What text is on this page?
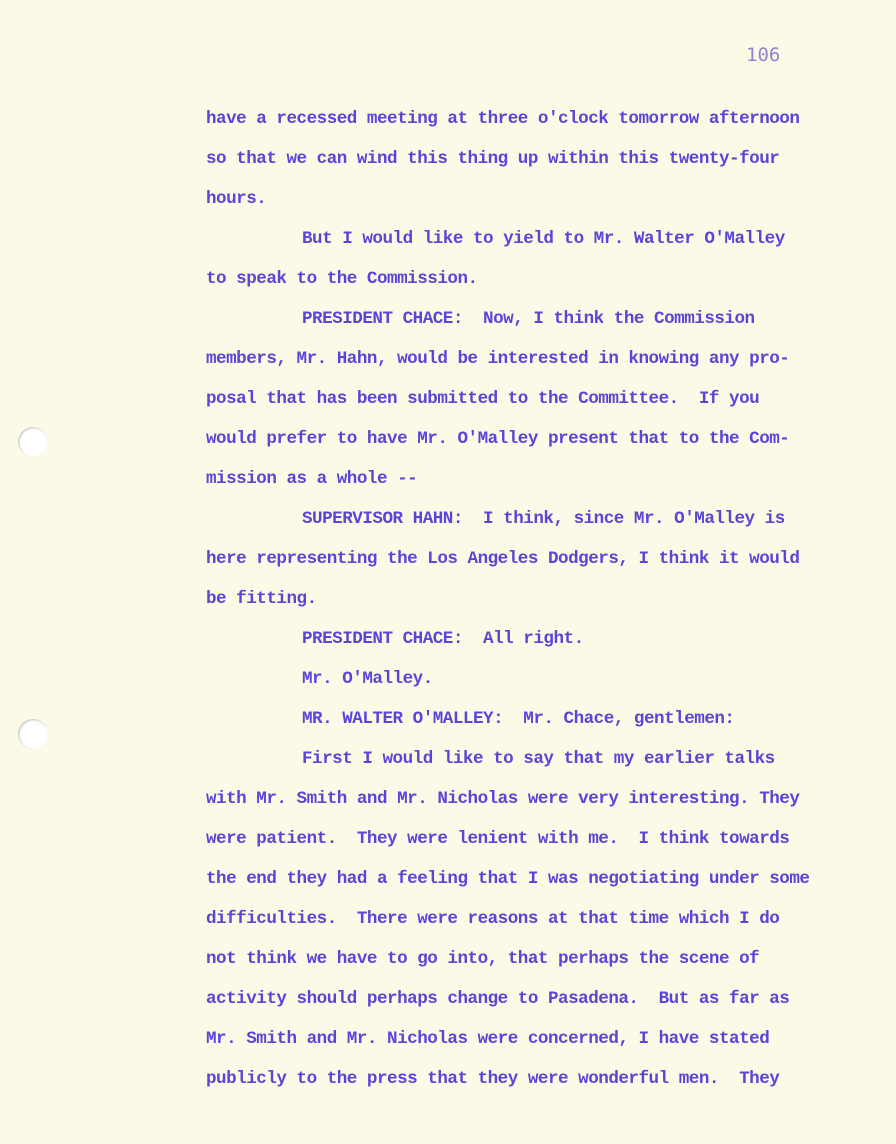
106
have a recessed meeting at three o'clock tomorrow afternoon
so that we can wind this thing up within this twenty-four
hours.
But I would like to yield to Mr. Walter O'Malley
to speak to the Commission.
PRESIDENT CHACE:  Now, I think the Commission
members, Mr. Hahn, would be interested in knowing any pro-
posal that has been submitted to the Committee.  If you
would prefer to have Mr. O'Malley present that to the Com-
mission as a whole --
SUPERVISOR HAHN:  I think, since Mr. O'Malley is
here representing the Los Angeles Dodgers, I think it would
be fitting.
PRESIDENT CHACE:  All right.
Mr. O'Malley.
MR. WALTER O'MALLEY:  Mr. Chace, gentlemen:
First I would like to say that my earlier talks
with Mr. Smith and Mr. Nicholas were very interesting. They
were patient.  They were lenient with me.  I think towards
the end they had a feeling that I was negotiating under some
difficulties.  There were reasons at that time which I do
not think we have to go into, that perhaps the scene of
activity should perhaps change to Pasadena.  But as far as
Mr. Smith and Mr. Nicholas were concerned, I have stated
publicly to the press that they were wonderful men.  They
